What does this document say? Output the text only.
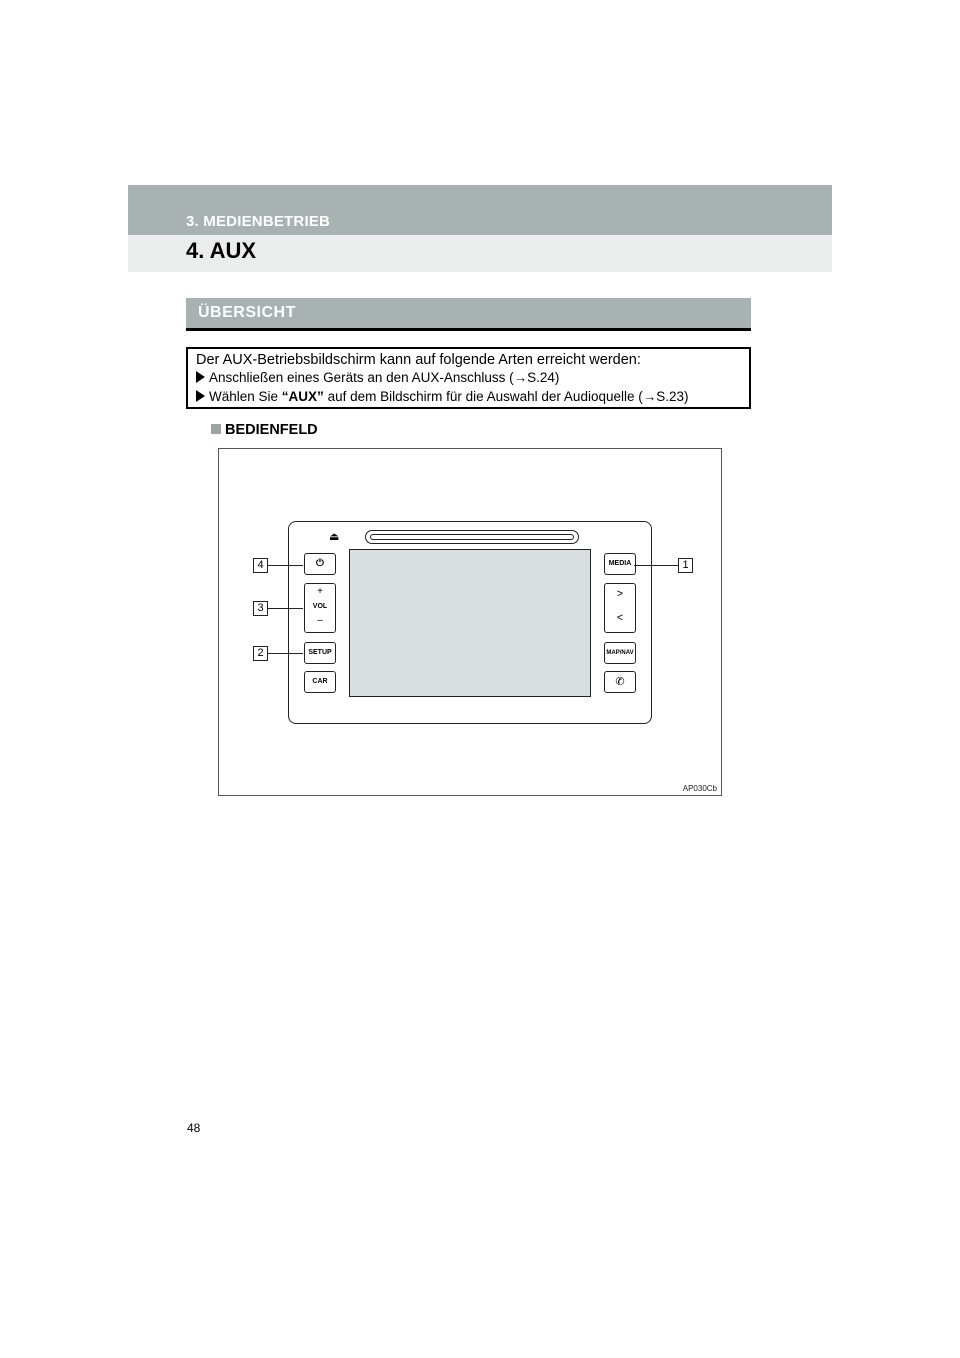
3. MEDIENBETRIEB
4. AUX
ÜBERSICHT
Der AUX-Betriebsbildschirm kann auf folgende Arten erreicht werden:
Anschließen eines Geräts an den AUX-Anschluss (→S.24)
Wählen Sie “AUX” auf dem Bildschirm für die Auswahl der Audioquelle (→S.23)
BEDIENFELD
⏏
⏻
+
VOL
–
SETUP
CAR
MEDIA
>
<
MAP/NAV
✆
4
3
2
1
AP030Cb
48
